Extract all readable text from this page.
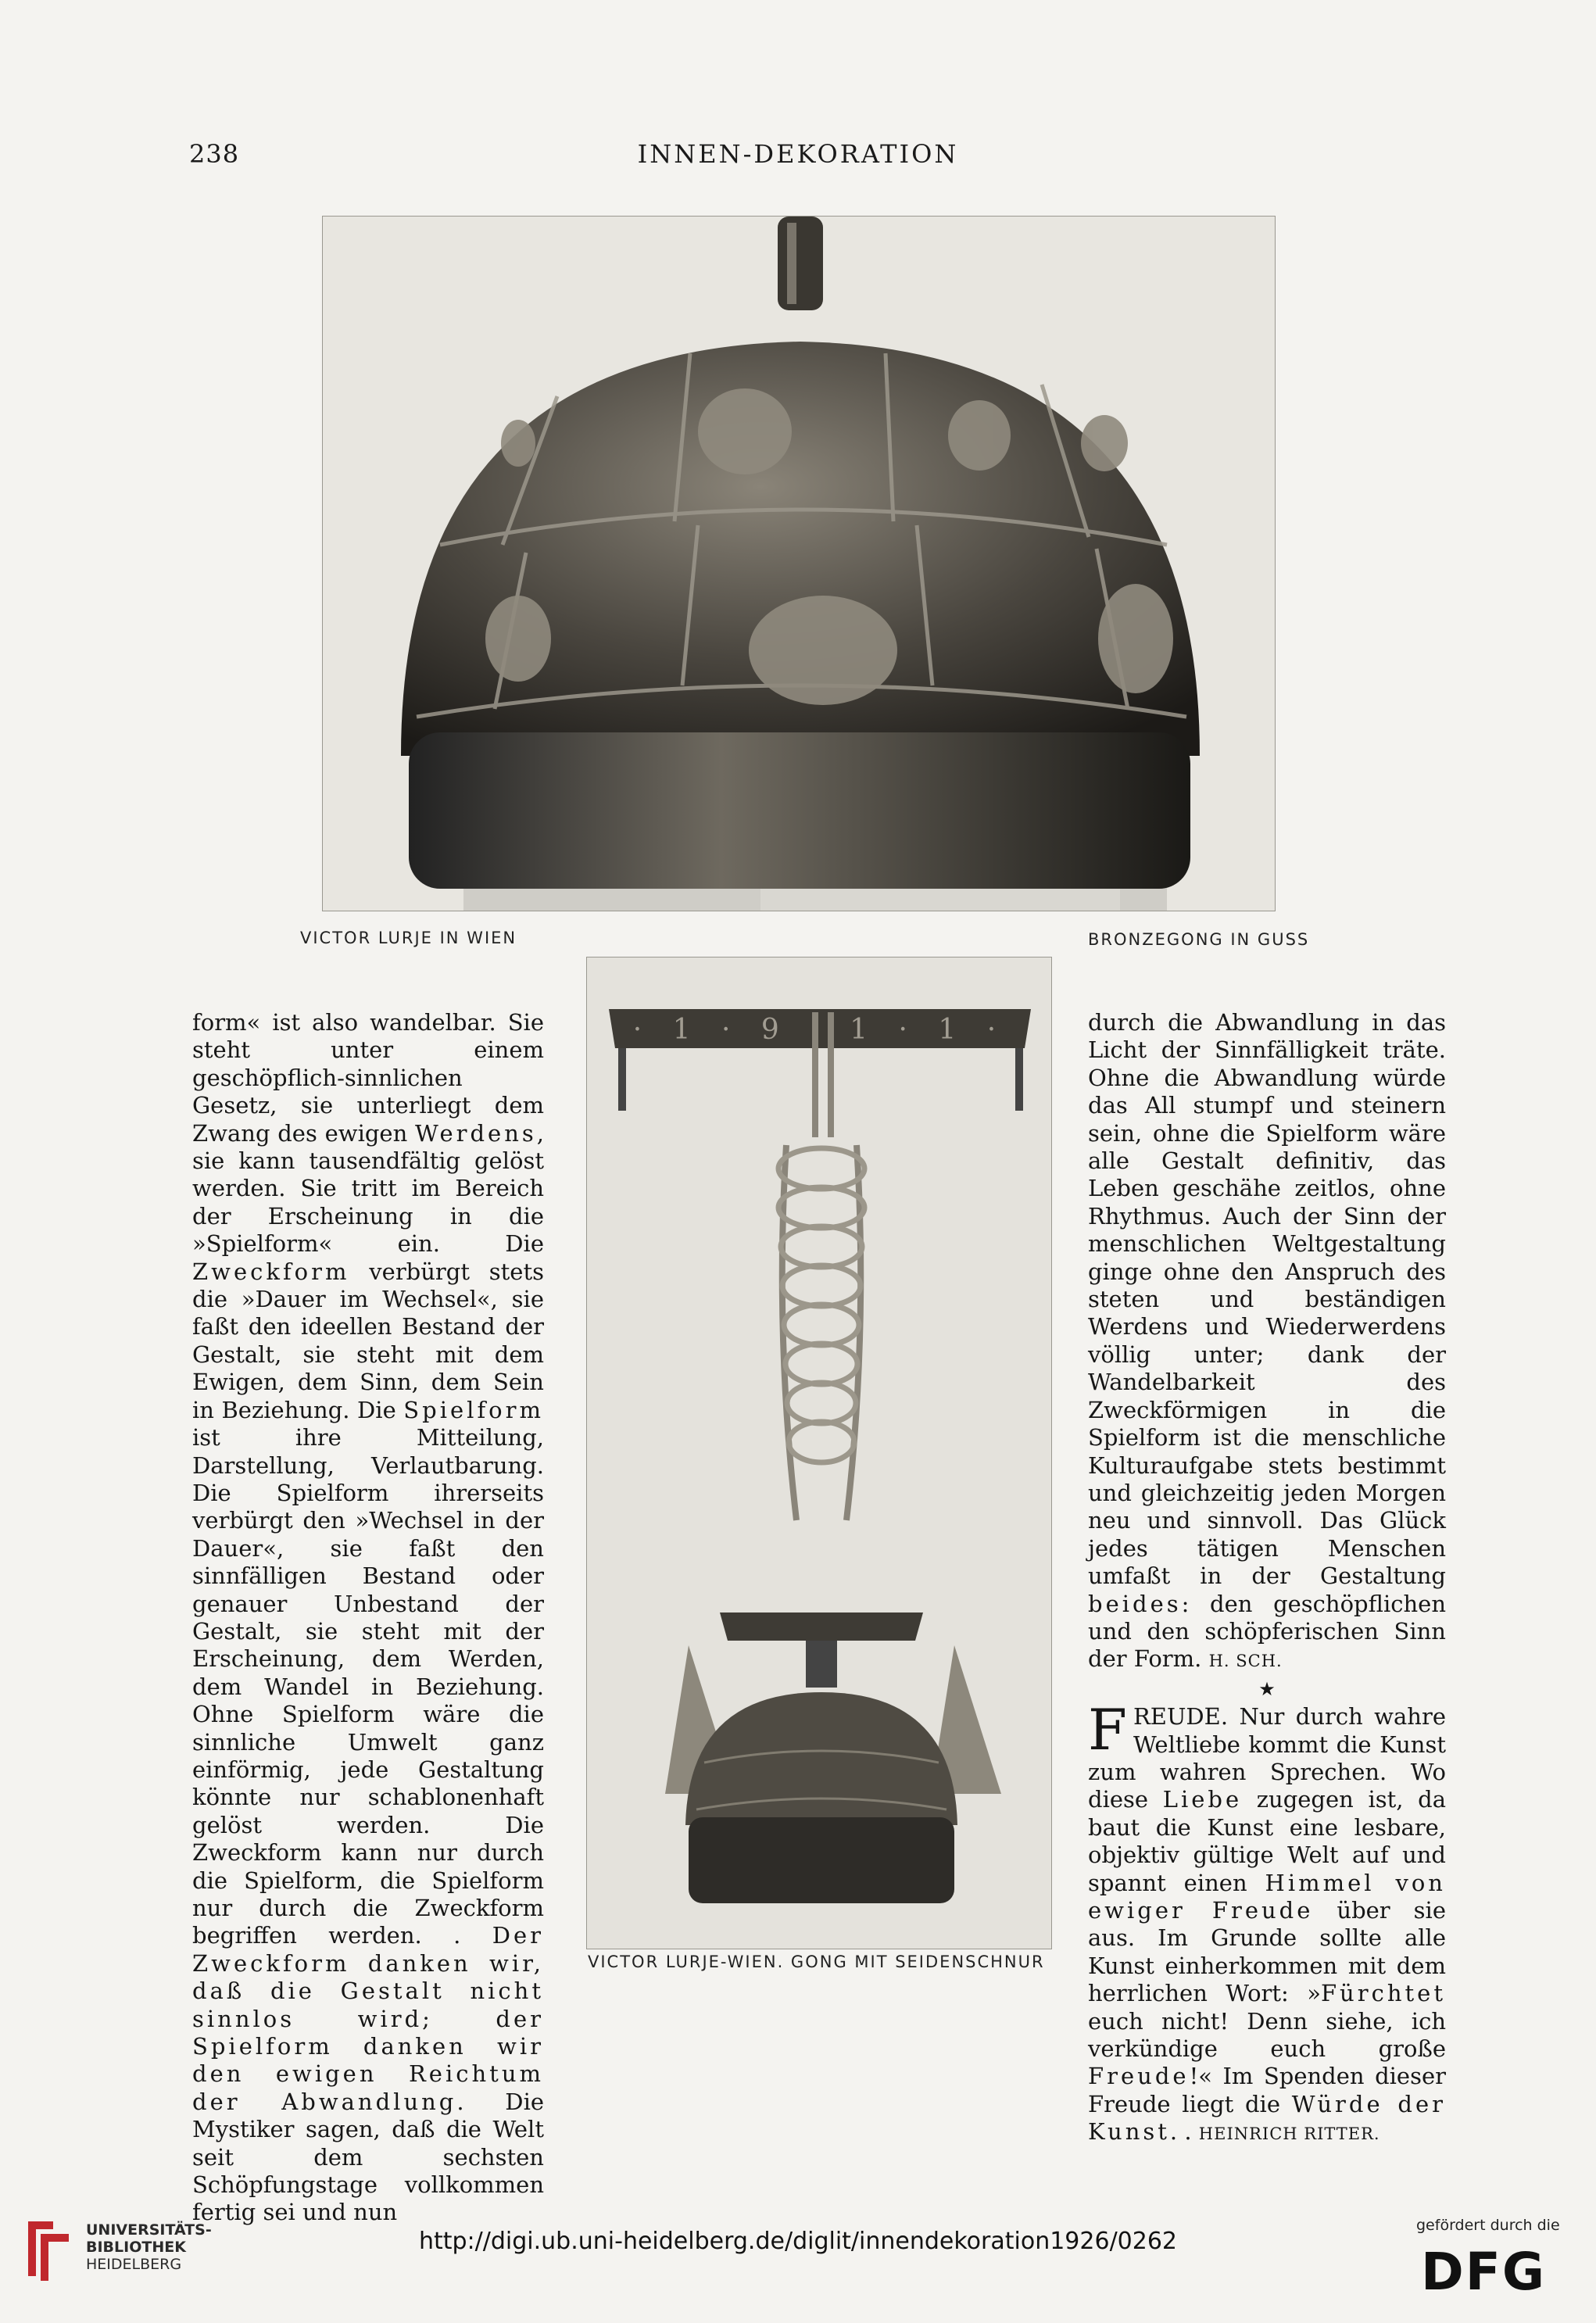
238	INNEN-DEKORATION
VICTOR LURJE IN WIEN	BRONZEGONG IN GUSS
· 1 · 9 · 1 · 1 ·
VICTOR LURJE-WIEN. GONG MIT SEIDENSCHNUR

form« ist also wandelbar. Sie steht unter einem geschöpflich-sinnlichen Gesetz, sie unterliegt dem Zwang des ewigen Werdens, sie kann tausendfältig gelöst werden. Sie tritt im Bereich der Erscheinung in die »Spielform« ein. Die Zweckform verbürgt stets die »Dauer im Wechsel«, sie faßt den ideellen Bestand der Gestalt, sie steht mit dem Ewigen, dem Sinn, dem Sein in Beziehung. Die Spielform ist ihre Mitteilung, Darstellung, Verlautbarung. Die Spielform ihrerseits verbürgt den »Wechsel in der Dauer«, sie faßt den sinnfälligen Bestand oder genauer Unbestand der Gestalt, sie steht mit der Erscheinung, dem Werden, dem Wandel in Beziehung. Ohne Spielform wäre die sinnliche Umwelt ganz einförmig, jede Gestaltung könnte nur schablonenhaft gelöst werden. Die Zweckform kann nur durch die Spielform, die Spielform nur durch die Zweckform begriffen werden. . Der Zweckform danken wir, daß die Gestalt nicht sinnlos wird; der Spielform danken wir den ewigen Reichtum der Abwandlung. Die Mystiker sagen, daß die Welt seit dem sechsten Schöpfungstage vollkommen fertig sei und nun

durch die Abwandlung in das Licht der Sinnfälligkeit träte. Ohne die Abwandlung würde das All stumpf und steinern sein, ohne die Spielform wäre alle Gestalt definitiv, das Leben geschähe zeitlos, ohne Rhythmus. Auch der Sinn der menschlichen Weltgestaltung ginge ohne den Anspruch des steten und beständigen Werdens und Wiederwerdens völlig unter; dank der Wandelbarkeit des Zweckförmigen in die Spielform ist die menschliche Kulturaufgabe stets bestimmt und gleichzeitig jeden Morgen neu und sinnvoll. Das Glück jedes tätigen Menschen umfaßt in der Gestaltung beides: den geschöpflichen und den schöpferischen Sinn der Form. H. SCH.

★

FREUDE. Nur durch wahre Weltliebe kommt die Kunst zum wahren Sprechen. Wo diese Liebe zugegen ist, da baut die Kunst eine lesbare, objektiv gültige Welt auf und spannt einen Himmel von ewiger Freude über sie aus. Im Grunde sollte alle Kunst einherkommen mit dem herrlichen Wort: »Fürchtet euch nicht! Denn siehe, ich verkündige euch große Freude!« Im Spenden dieser Freude liegt die Würde der Kunst. . HEINRICH RITTER.

UNIVERSITÄTS-
BIBLIOTHEK
HEIDELBERG
http://digi.ub.uni-heidelberg.de/diglit/innendekoration1926/0262
gefördert durch die
DFG
